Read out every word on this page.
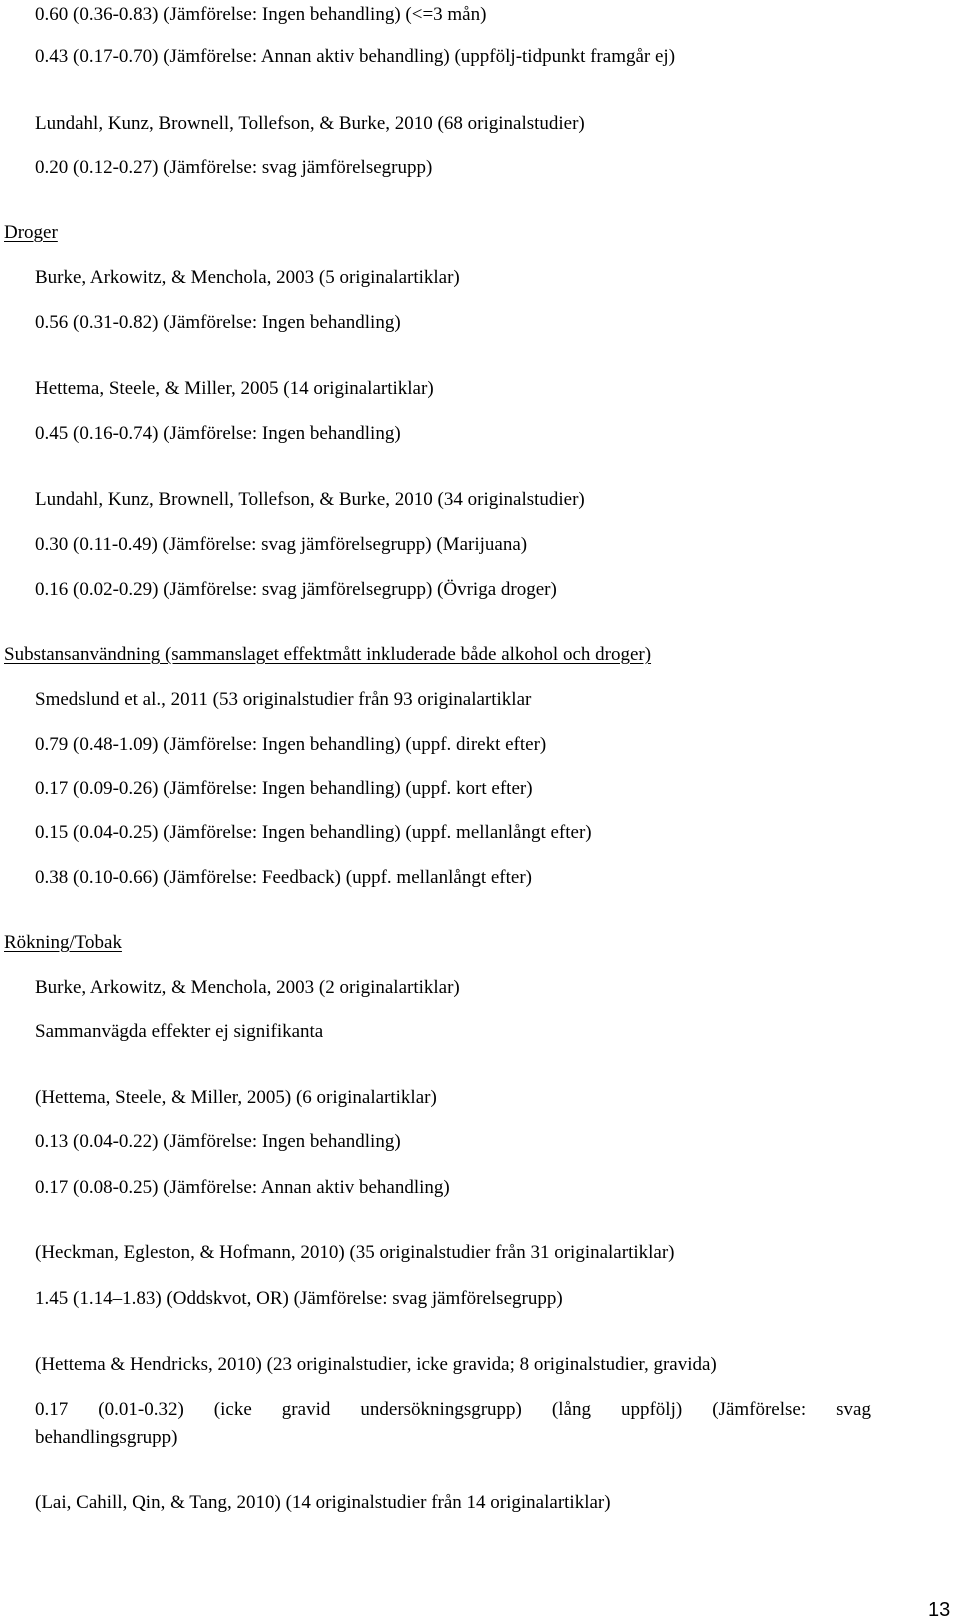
0.60 (0.36-0.83) (Jämförelse: Ingen behandling) (<=3 mån)
0.43 (0.17-0.70) (Jämförelse: Annan aktiv behandling) (uppfölj-tidpunkt framgår ej)
Lundahl, Kunz, Brownell, Tollefson, & Burke, 2010 (68 originalstudier)
0.20 (0.12-0.27) (Jämförelse: svag jämförelsegrupp)
Droger
Burke, Arkowitz, & Menchola, 2003 (5 originalartiklar)
0.56 (0.31-0.82) (Jämförelse: Ingen behandling)
Hettema, Steele, & Miller, 2005 (14 originalartiklar)
0.45 (0.16-0.74) (Jämförelse: Ingen behandling)
Lundahl, Kunz, Brownell, Tollefson, & Burke, 2010 (34 originalstudier)
0.30 (0.11-0.49) (Jämförelse: svag jämförelsegrupp) (Marijuana)
0.16 (0.02-0.29) (Jämförelse: svag jämförelsegrupp) (Övriga droger)
Substansanvändning (sammanslaget effektmått inkluderade både alkohol och droger)
Smedslund et al., 2011 (53 originalstudier från 93 originalartiklar
0.79 (0.48-1.09) (Jämförelse: Ingen behandling) (uppf. direkt efter)
0.17 (0.09-0.26) (Jämförelse: Ingen behandling) (uppf. kort efter)
0.15 (0.04-0.25) (Jämförelse: Ingen behandling) (uppf. mellanlångt efter)
0.38 (0.10-0.66) (Jämförelse: Feedback) (uppf. mellanlångt efter)
Rökning/Tobak
Burke, Arkowitz, & Menchola, 2003 (2 originalartiklar)
Sammanvägda effekter ej signifikanta
(Hettema, Steele, & Miller, 2005) (6 originalartiklar)
0.13 (0.04-0.22) (Jämförelse: Ingen behandling)
0.17 (0.08-0.25) (Jämförelse: Annan aktiv behandling)
(Heckman, Egleston, & Hofmann, 2010) (35 originalstudier från 31 originalartiklar)
1.45 (1.14–1.83) (Oddskvot, OR) (Jämförelse: svag jämförelsegrupp)
(Hettema & Hendricks, 2010) (23 originalstudier, icke gravida; 8 originalstudier, gravida)
0.17 (0.01-0.32) (icke gravid undersökningsgrupp) (lång uppfölj) (Jämförelse: svag
behandlingsgrupp)
(Lai, Cahill, Qin, & Tang, 2010) (14 originalstudier från 14 originalartiklar)
13
